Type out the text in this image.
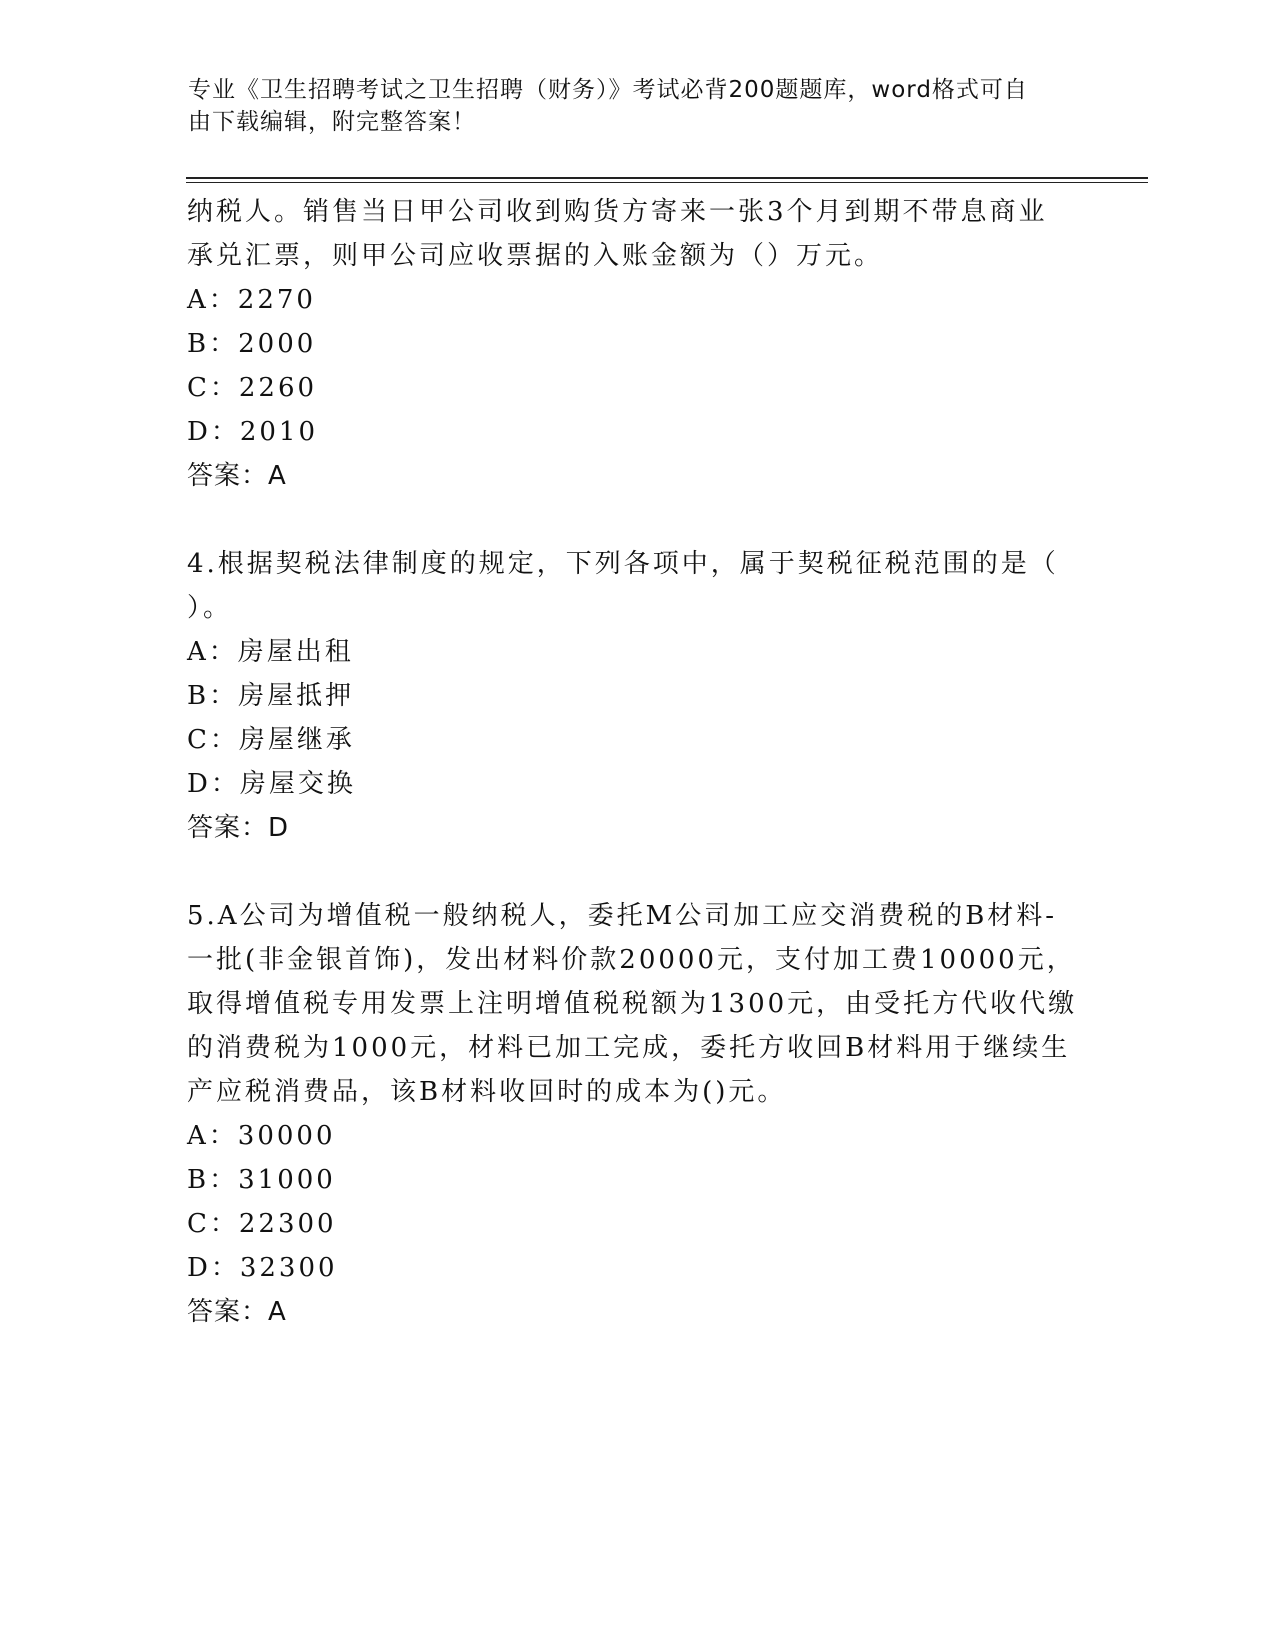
专业《卫生招聘考试之卫生招聘（财务）》考试必背200题题库，word格式可自
由下载编辑，附完整答案！
纳税人。销售当日甲公司收到购货方寄来一张3个月到期不带息商业
承兑汇票，则甲公司应收票据的入账金额为（）万元。
A：2270
B：2000
C：2260
D：2010
答案：A
4.根据契税法律制度的规定，下列各项中，属于契税征税范围的是（
）。
A：房屋出租
B：房屋抵押
C：房屋继承
D：房屋交换
答案：D
5.A公司为增值税一般纳税人，委托M公司加工应交消费税的B材料-
一批(非金银首饰)，发出材料价款20000元，支付加工费10000元，
取得增值税专用发票上注明增值税税额为1300元，由受托方代收代缴
的消费税为1000元，材料已加工完成，委托方收回B材料用于继续生
产应税消费品，该B材料收回时的成本为()元。
A：30000
B：31000
C：22300
D：32300
答案：A
